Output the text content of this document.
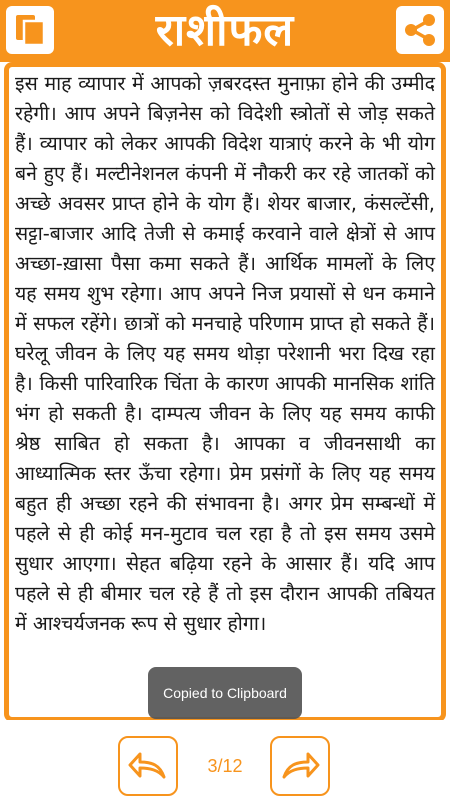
राशीफल

इस माह व्यापार में आपको ज़बरदस्त मुनाफ़ा होने की उम्मीद रहेगी। आप अपने बिज़नेस को विदेशी स्त्रोतों से जोड़ सकते हैं। व्यापार को लेकर आपकी विदेश यात्राएं करने के भी योग बने हुए हैं। मल्टीनेशनल कंपनी में नौकरी कर रहे जातकों को अच्छे अवसर प्राप्त होने के योग हैं। शेयर बाजार, कंसल्टेंसी, सट्टा-बाजार आदि तेजी से कमाई करवाने वाले क्षेत्रों से आप अच्छा-ख़ासा पैसा कमा सकते हैं। आर्थिक मामलों के लिए यह समय शुभ रहेगा। आप अपने निज प्रयासों से धन कमाने में सफल रहेंगे। छात्रों को मनचाहे परिणाम प्राप्त हो सकते हैं। घरेलू जीवन के लिए यह समय थोड़ा परेशानी भरा दिख रहा है। किसी पारिवारिक चिंता के कारण आपकी मानसिक शांति भंग हो सकती है। दाम्पत्य जीवन के लिए यह समय काफी श्रेष्ठ साबित हो सकता है। आपका व जीवनसाथी का आध्यात्मिक स्तर ऊँचा रहेगा। प्रेम प्रसंगों के लिए यह समय बहुत ही अच्छा रहने की संभावना है। अगर प्रेम सम्बन्धों में पहले से ही कोई मन-मुटाव चल रहा है तो इस समय उसमे सुधार आएगा। सेहत बढ़िया रहने के आसार हैं। यदि आप पहले से ही बीमार चल रहे हैं तो इस दौरान आपकी तबियत में आश्चर्यजनक रूप से सुधार होगा।

Copied to Clipboard
3/12
